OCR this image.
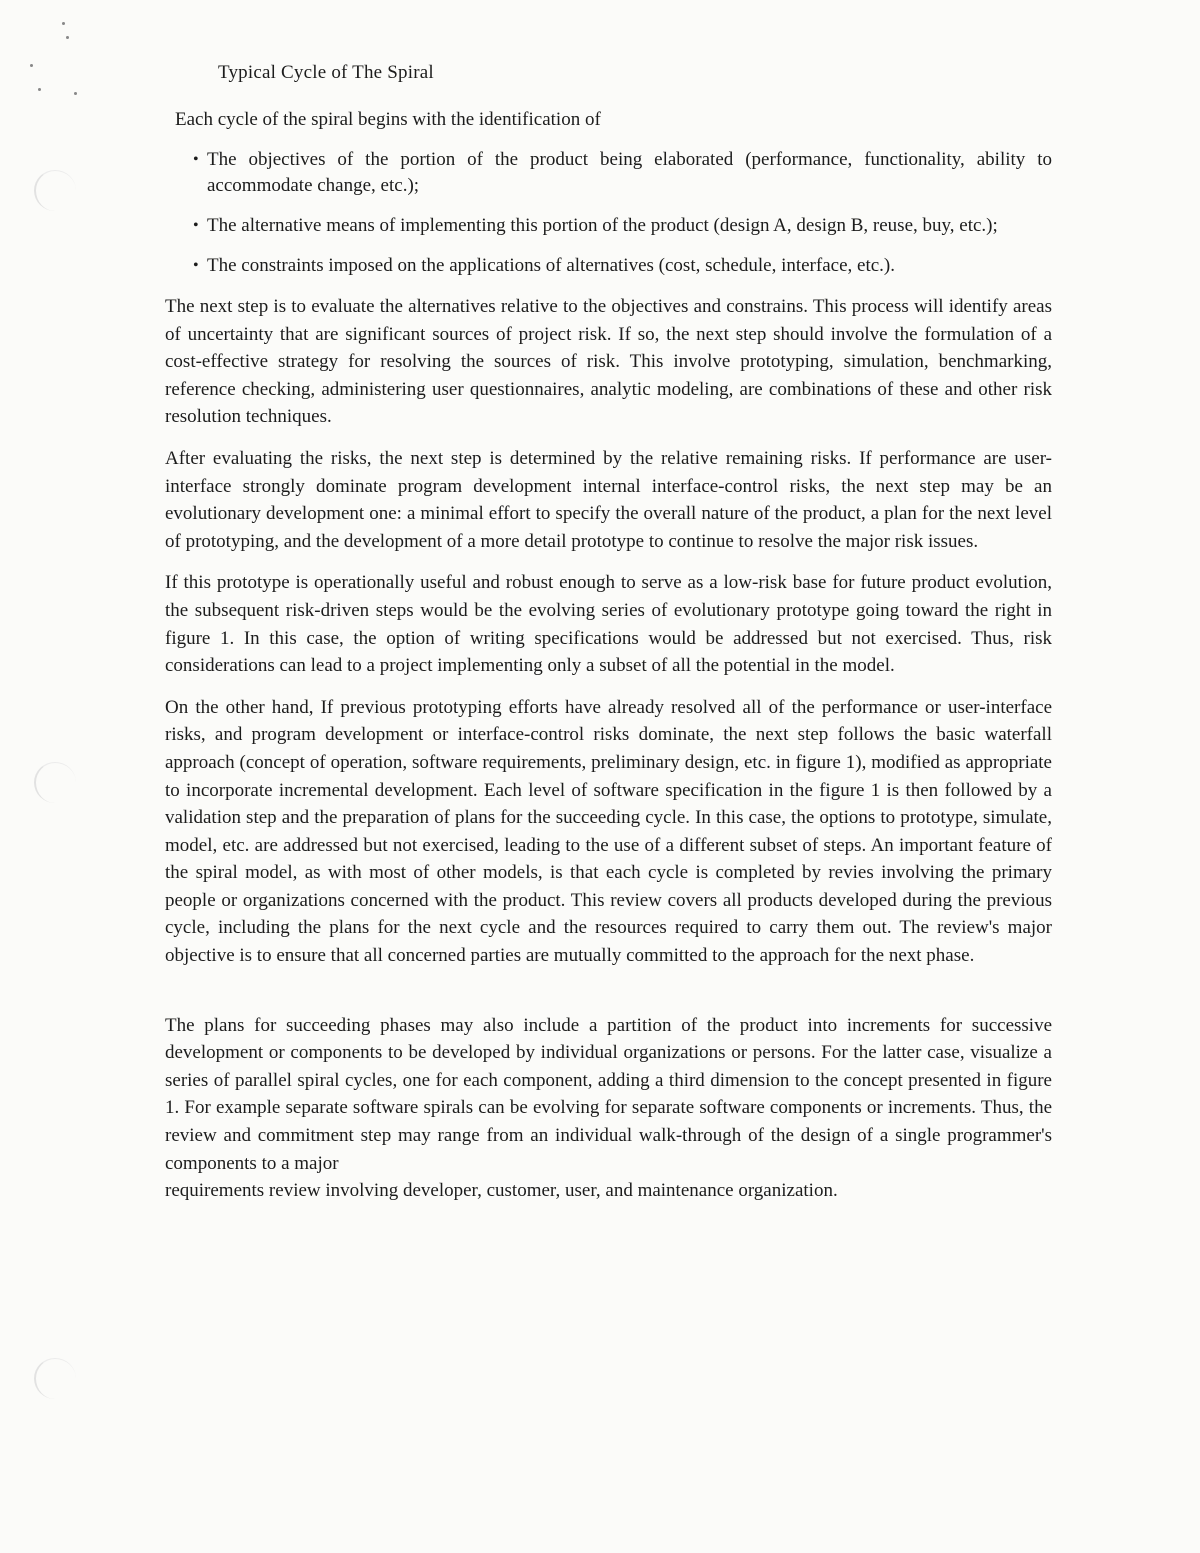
Typical Cycle of The Spiral

Each cycle of the spiral begins with the identification of

• The objectives of the portion of the product being elaborated (performance, functionality, ability to accommodate change, etc.);
• The alternative means of implementing this portion of the product (design A, design B, reuse, buy, etc.);
• The constraints imposed on the applications of alternatives (cost, schedule, interface, etc.).

The next step is to evaluate the alternatives relative to the objectives and constrains. This process will identify areas of uncertainty that are significant sources of project risk. If so, the next step should involve the formulation of a cost-effective strategy for resolving the sources of risk. This involve prototyping, simulation, benchmarking, reference checking, administering user questionnaires, analytic modeling, are combinations of these and other risk resolution techniques.

After evaluating the risks, the next step is determined by the relative remaining risks. If performance are user-interface strongly dominate program development internal interface-control risks, the next step may be an evolutionary development one: a minimal effort to specify the overall nature of the product, a plan for the next level of prototyping, and the development of a more detail prototype to continue to resolve the major risk issues.

If this prototype is operationally useful and robust enough to serve as a low-risk base for future product evolution, the subsequent risk-driven steps would be the evolving series of evolutionary prototype going toward the right in figure 1. In this case, the option of writing specifications would be addressed but not exercised. Thus, risk considerations can lead to a project implementing only a subset of all the potential in the model.

On the other hand, If previous prototyping efforts have already resolved all of the performance or user-interface risks, and program development or interface-control risks dominate, the next step follows the basic waterfall approach (concept of operation, software requirements, preliminary design, etc. in figure 1), modified as appropriate to incorporate incremental development. Each level of software specification in the figure 1 is then followed by a validation step and the preparation of plans for the succeeding cycle. In this case, the options to prototype, simulate, model, etc. are addressed but not exercised, leading to the use of a different subset of steps. An important feature of the spiral model, as with most of other models, is that each cycle is completed by revies involving the primary people or organizations concerned with the product. This review covers all products developed during the previous cycle, including the plans for the next cycle and the resources required to carry them out. The review's major objective is to ensure that all concerned parties are mutually committed to the approach for the next phase.

The plans for succeeding phases may also include a partition of the product into increments for successive development or components to be developed by individual organizations or persons. For the latter case, visualize a series of parallel spiral cycles, one for each component, adding a third dimension to the concept presented in figure 1. For example separate software spirals can be evolving for separate software components or increments. Thus, the review and commitment step may range from an individual walk-through of the design of a single programmer's components to a major

requirements review involving developer, customer, user, and maintenance organization.
